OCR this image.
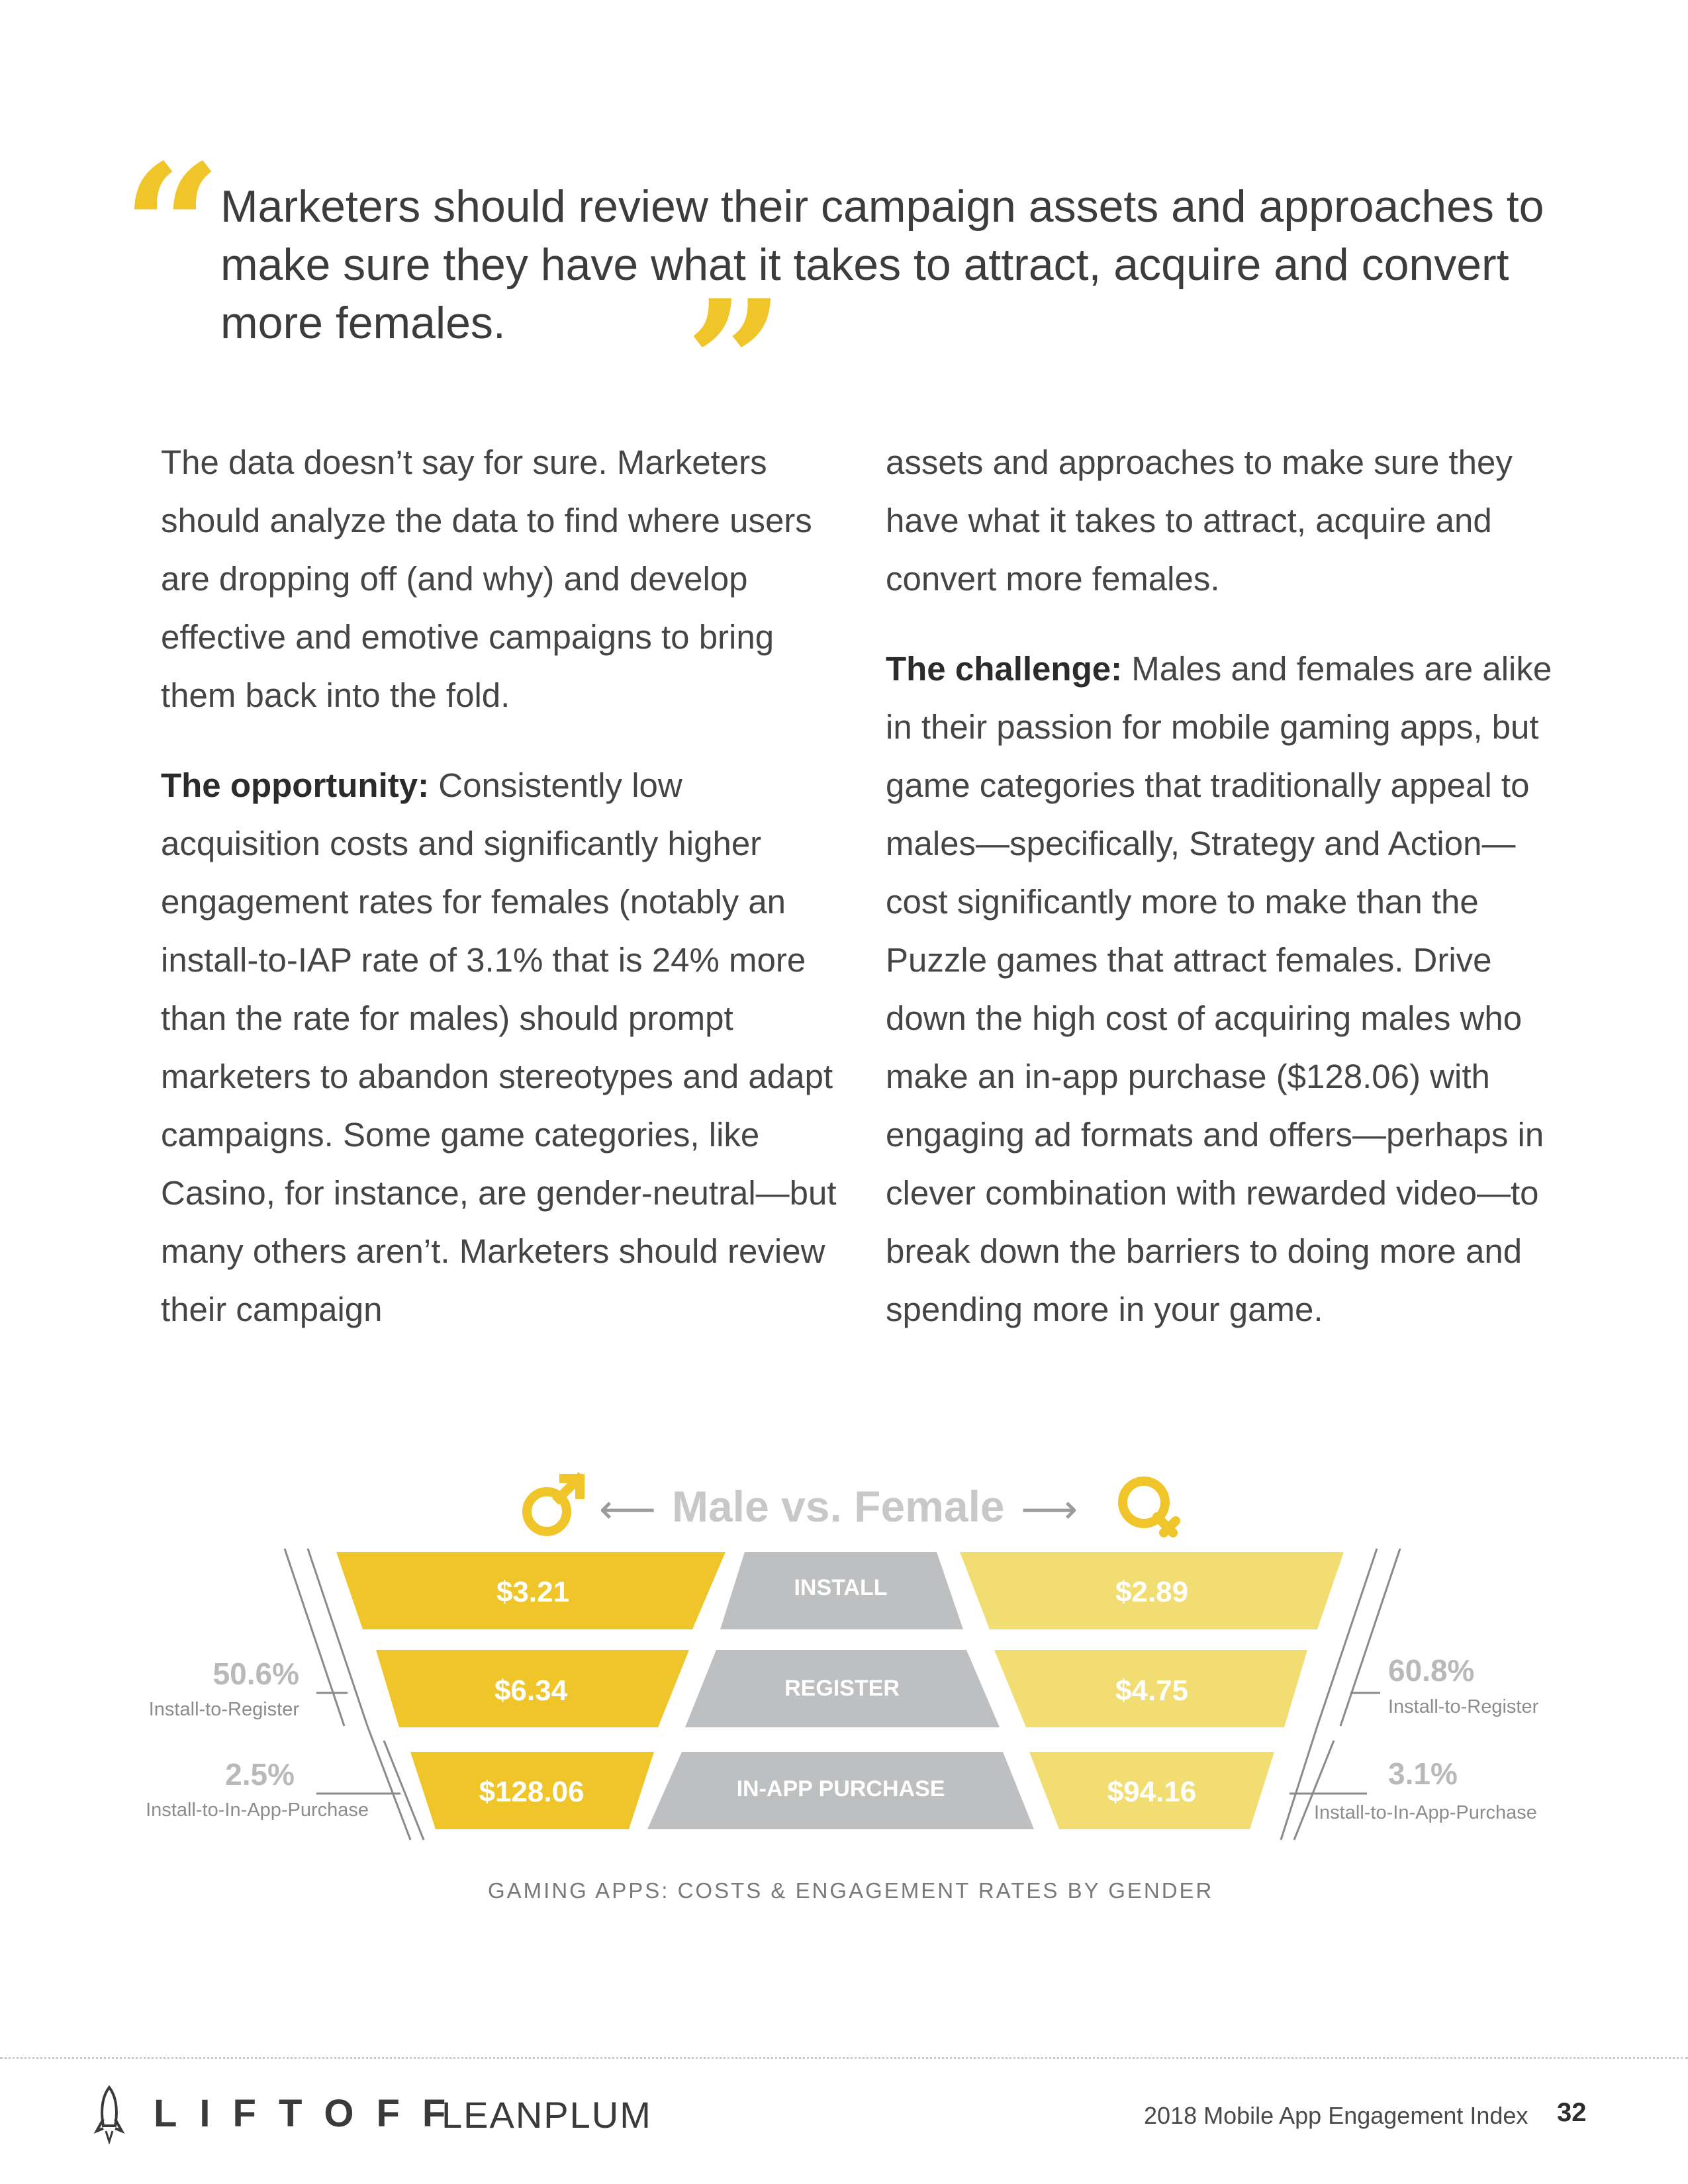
“

Marketers should review their campaign assets and approaches to make sure they have what it takes to attract, acquire and convert more females.	”

The data doesn’t say for sure. Marketers should analyze the data to find where users are dropping off (and why) and develop effective and emotive campaigns to bring them back into the fold.

The opportunity: Consistently low acquisition costs and significantly higher engagement rates for females (notably an install-to-IAP rate of 3.1% that is 24% more than the rate for males) should prompt marketers to abandon stereotypes and adapt campaigns. Some game categories, like Casino, for instance, are gender-neutral—but many others aren’t. Marketers should review their campaign

assets and approaches to make sure they have what it takes to attract, acquire and convert more females.

The challenge: Males and females are alike in their passion for mobile gaming apps, but game categories that traditionally appeal to males—specifically, Strategy and Action—cost significantly more to make than the Puzzle games that attract females. Drive down the high cost of acquiring males who make an in-app purchase ($128.06) with engaging ad formats and offers—perhaps in clever combination with rewarded video—to break down the barriers to doing more and spending more in your game.

⟵ Male vs. Female ⟶
$3.21	INSTALL	$2.89
$6.34	REGISTER	$4.75
$128.06	IN-APP PURCHASE	$94.16
50.6%
Install-to-Register
2.5%
Install-to-In-App-Purchase
60.8%
Install-to-Register
3.1%
Install-to-In-App-Purchase
GAMING APPS: COSTS & ENGAGEMENT RATES BY GENDER
LIFTOFF
LEANPLUM	2018 Mobile App Engagement Index 32
